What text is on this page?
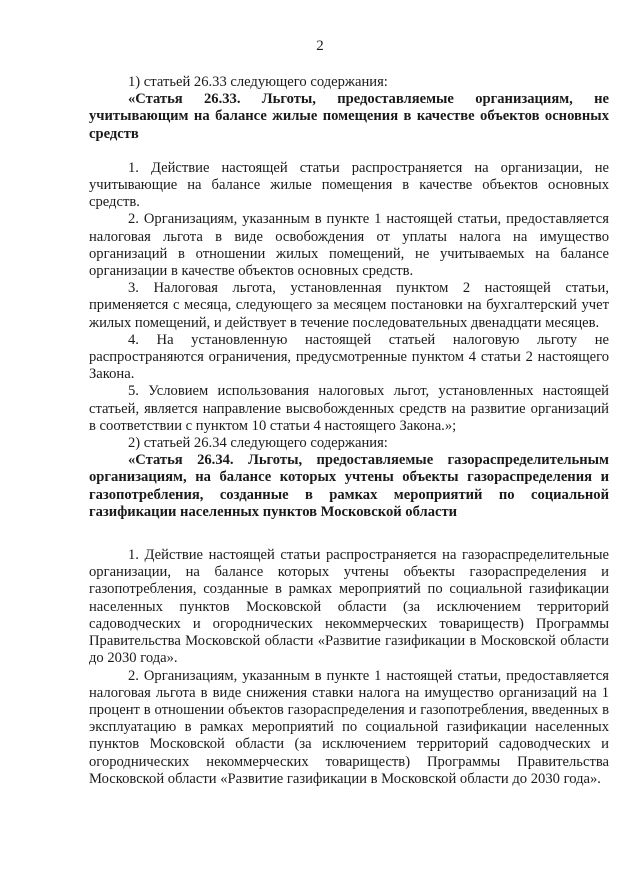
2

1) статьей 26.33 следующего содержания:

«Статья 26.33. Льготы, предоставляемые организациям, не учитывающим на балансе жилые помещения в качестве объектов основных средств

1. Действие настоящей статьи распространяется на организации, не учитывающие на балансе жилые помещения в качестве объектов основных средств.

2. Организациям, указанным в пункте 1 настоящей статьи, предоставляется налоговая льгота в виде освобождения от уплаты налога на имущество организаций в отношении жилых помещений, не учитываемых на балансе организации в качестве объектов основных средств.

3. Налоговая льгота, установленная пунктом 2 настоящей статьи, применяется с месяца, следующего за месяцем постановки на бухгалтерский учет жилых помещений, и действует в течение последовательных двенадцати месяцев.

4. На установленную настоящей статьей налоговую льготу не распространяются ограничения, предусмотренные пунктом 4 статьи 2 настоящего Закона.

5. Условием использования налоговых льгот, установленных настоящей статьей, является направление высвобожденных средств на развитие организаций в соответствии с пунктом 10 статьи 4 настоящего Закона.»;

2) статьей 26.34 следующего содержания:

«Статья 26.34. Льготы, предоставляемые газораспределительным организациям, на балансе которых учтены объекты газораспределения и газопотребления, созданные в рамках мероприятий по социальной газификации населенных пунктов Московской области

1. Действие настоящей статьи распространяется на газораспределительные организации, на балансе которых учтены объекты газораспределения и газопотребления, созданные в рамках мероприятий по социальной газификации населенных пунктов Московской области (за исключением территорий садоводческих и огороднических некоммерческих товариществ) Программы Правительства Московской области «Развитие газификации в Московской области до 2030 года».

2. Организациям, указанным в пункте 1 настоящей статьи, предоставляется налоговая льгота в виде снижения ставки налога на имущество организаций на 1 процент в отношении объектов газораспределения и газопотребления, введенных в эксплуатацию в рамках мероприятий по социальной газификации населенных пунктов Московской области (за исключением территорий садоводческих и огороднических некоммерческих товариществ) Программы Правительства Московской области «Развитие газификации в Московской области до 2030 года».
